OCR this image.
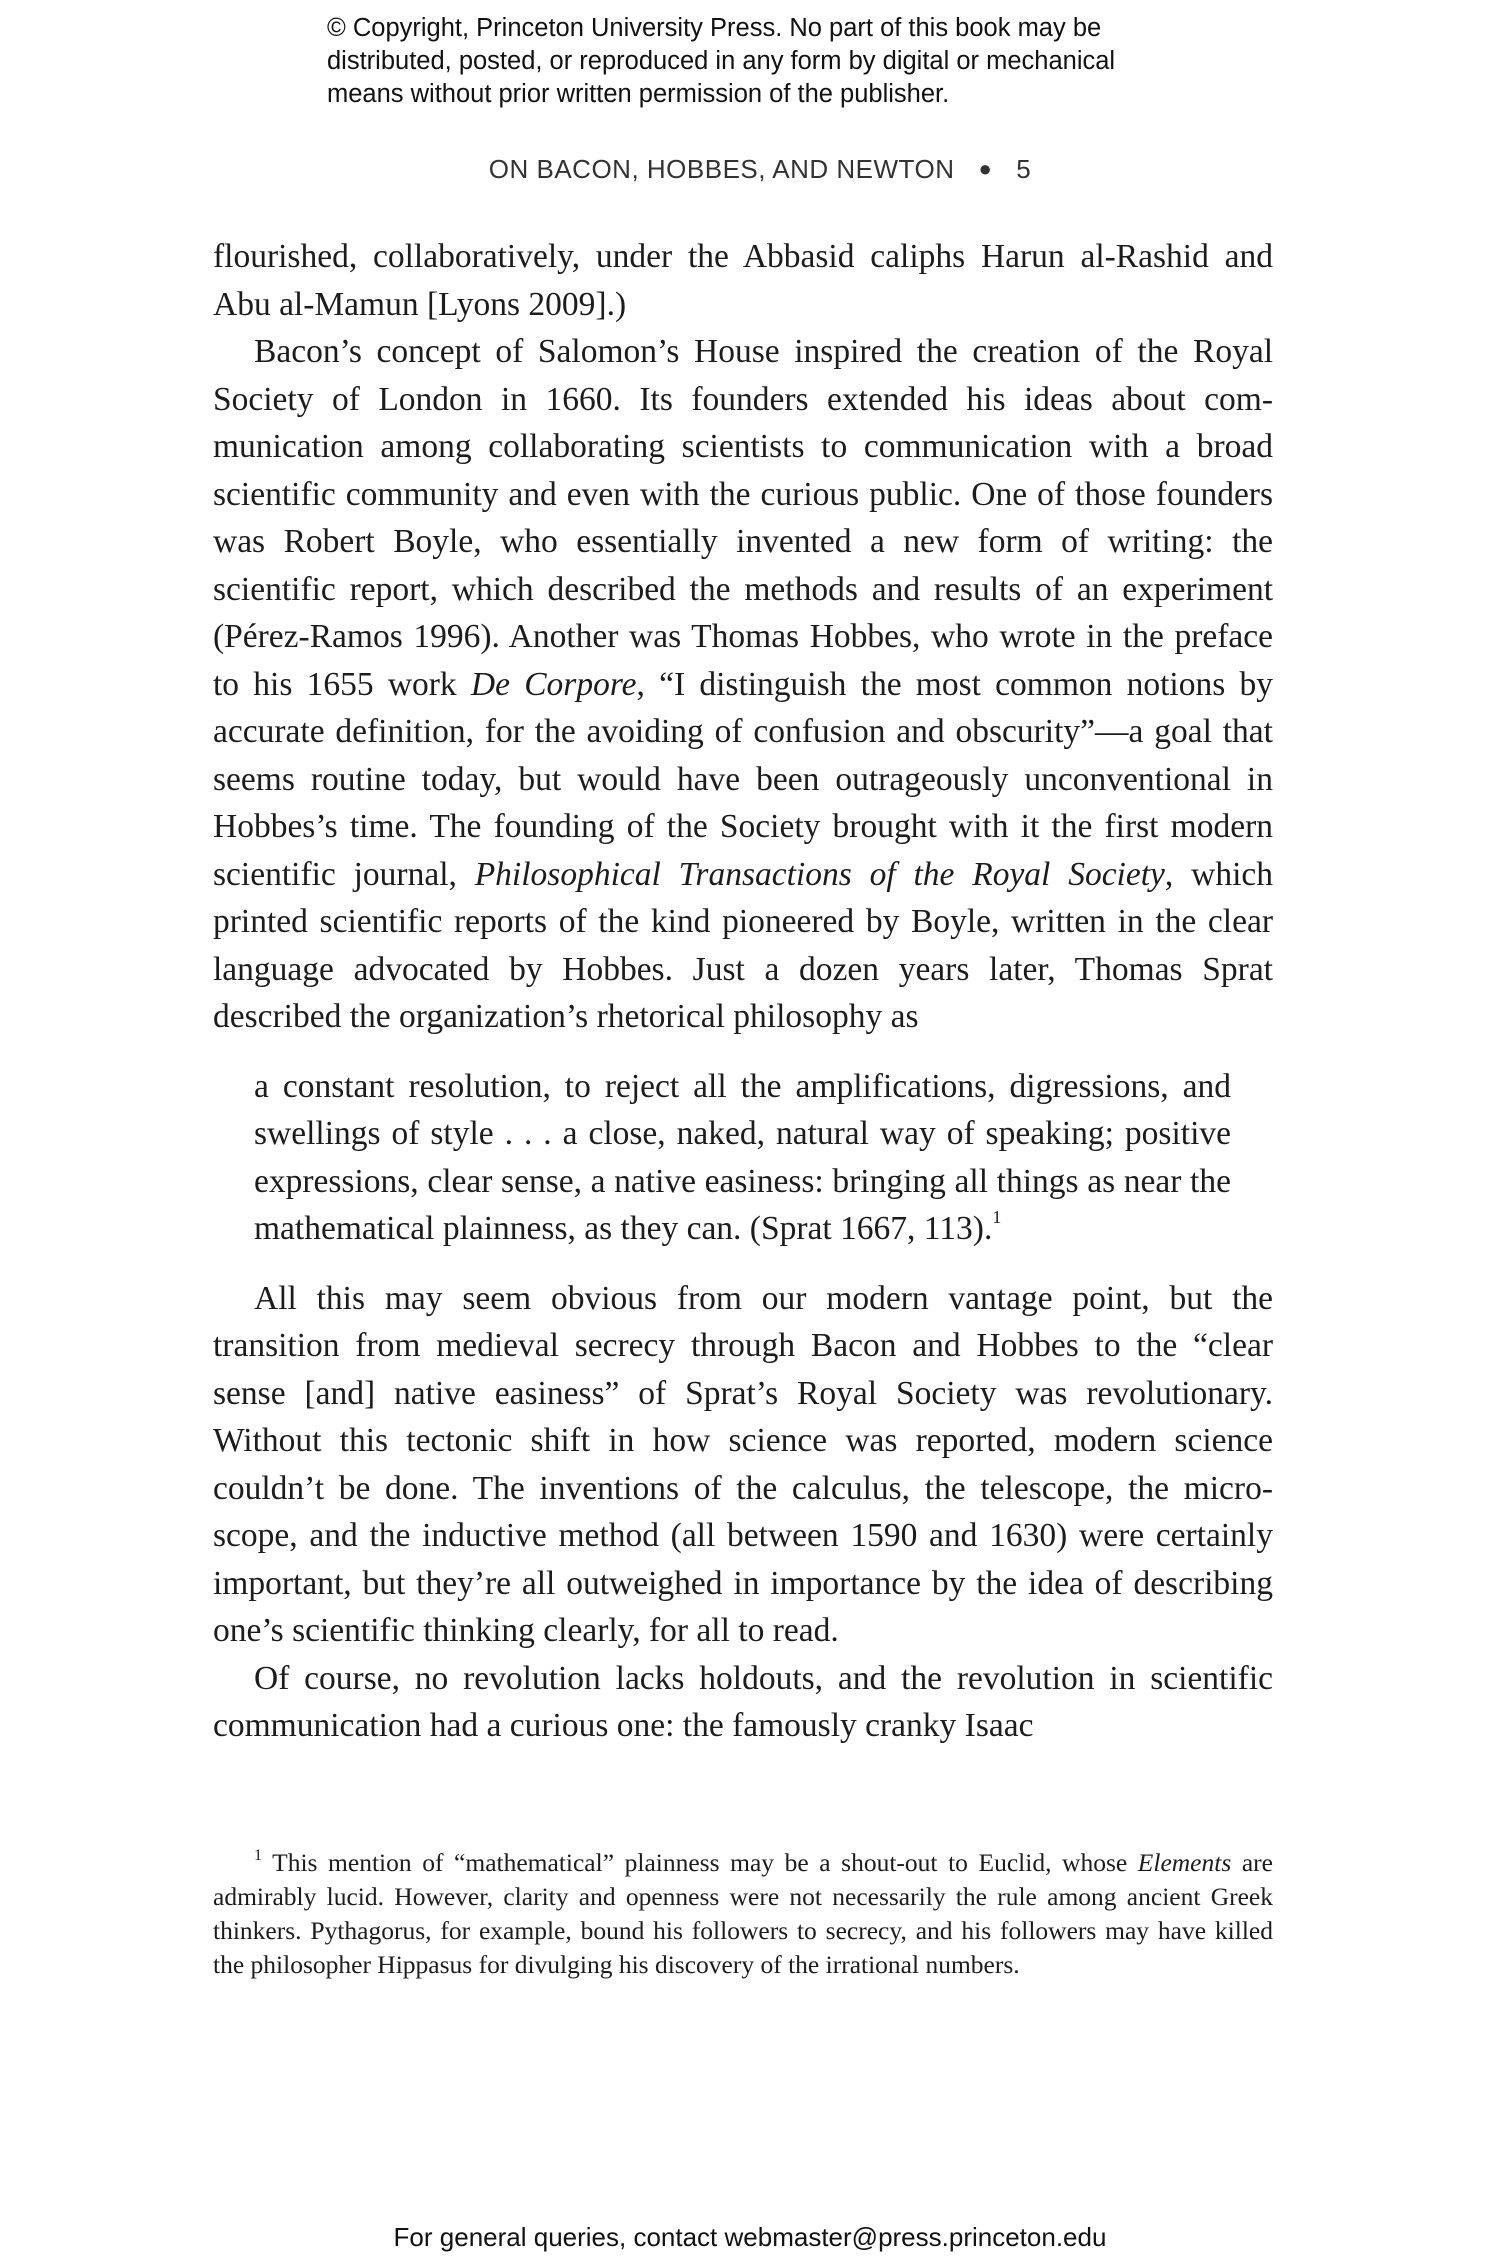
© Copyright, Princeton University Press. No part of this book may be
distributed, posted, or reproduced in any form by digital or mechanical
means without prior written permission of the publisher.
ON BACON, HOBBES, AND NEWTON ● 5

flourished, collaboratively, under the Abbasid caliphs Harun al-Rashid and Abu al-Mamun [Lyons 2009].)

Bacon’s concept of Salomon’s House inspired the creation of the Royal Society of London in 1660. Its founders extended his ideas about communication among collaborating scientists to communication with a broad scientific community and even with the curious public. One of those founders was Robert Boyle, who essentially invented a new form of writing: the scientific report, which described the methods and results of an experiment (Pérez-Ramos 1996). Another was Thomas Hobbes, who wrote in the preface to his 1655 work De Corpore, “I distinguish the most common notions by accurate definition, for the avoiding of confusion and obscurity”—a goal that seems routine today, but would have been outrageously unconventional in Hobbes’s time. The founding of the Society brought with it the first modern scientific journal, Philosophical Transactions of the Royal Society, which printed scientific reports of the kind pioneered by Boyle, written in the clear language advocated by Hobbes. Just a dozen years later, Thomas Sprat described the organization’s rhetorical philosophy as

a constant resolution, to reject all the amplifications, digressions, and swellings of style . . . a close, naked, natural way of speaking; positive expressions, clear sense, a native easiness: bringing all things as near the mathematical plainness, as they can. (Sprat 1667, 113).$^1$

All this may seem obvious from our modern vantage point, but the transition from medieval secrecy through Bacon and Hobbes to the “clear sense [and] native easiness” of Sprat’s Royal Society was revolutionary. Without this tectonic shift in how science was reported, modern science couldn’t be done. The inventions of the calculus, the telescope, the microscope, and the inductive method (all between 1590 and 1630) were certainly important, but they’re all outweighed in importance by the idea of describing one’s scientific thinking clearly, for all to read.

Of course, no revolution lacks holdouts, and the revolution in scientific communication had a curious one: the famously cranky Isaac

$^1$ This mention of “mathematical” plainness may be a shout-out to Euclid, whose Elements are admirably lucid. However, clarity and openness were not necessarily the rule among ancient Greek thinkers. Pythagorus, for example, bound his followers to secrecy, and his followers may have killed the philosopher Hippasus for divulging his discovery of the irrational numbers.
For general queries, contact webmaster@press.princeton.edu
